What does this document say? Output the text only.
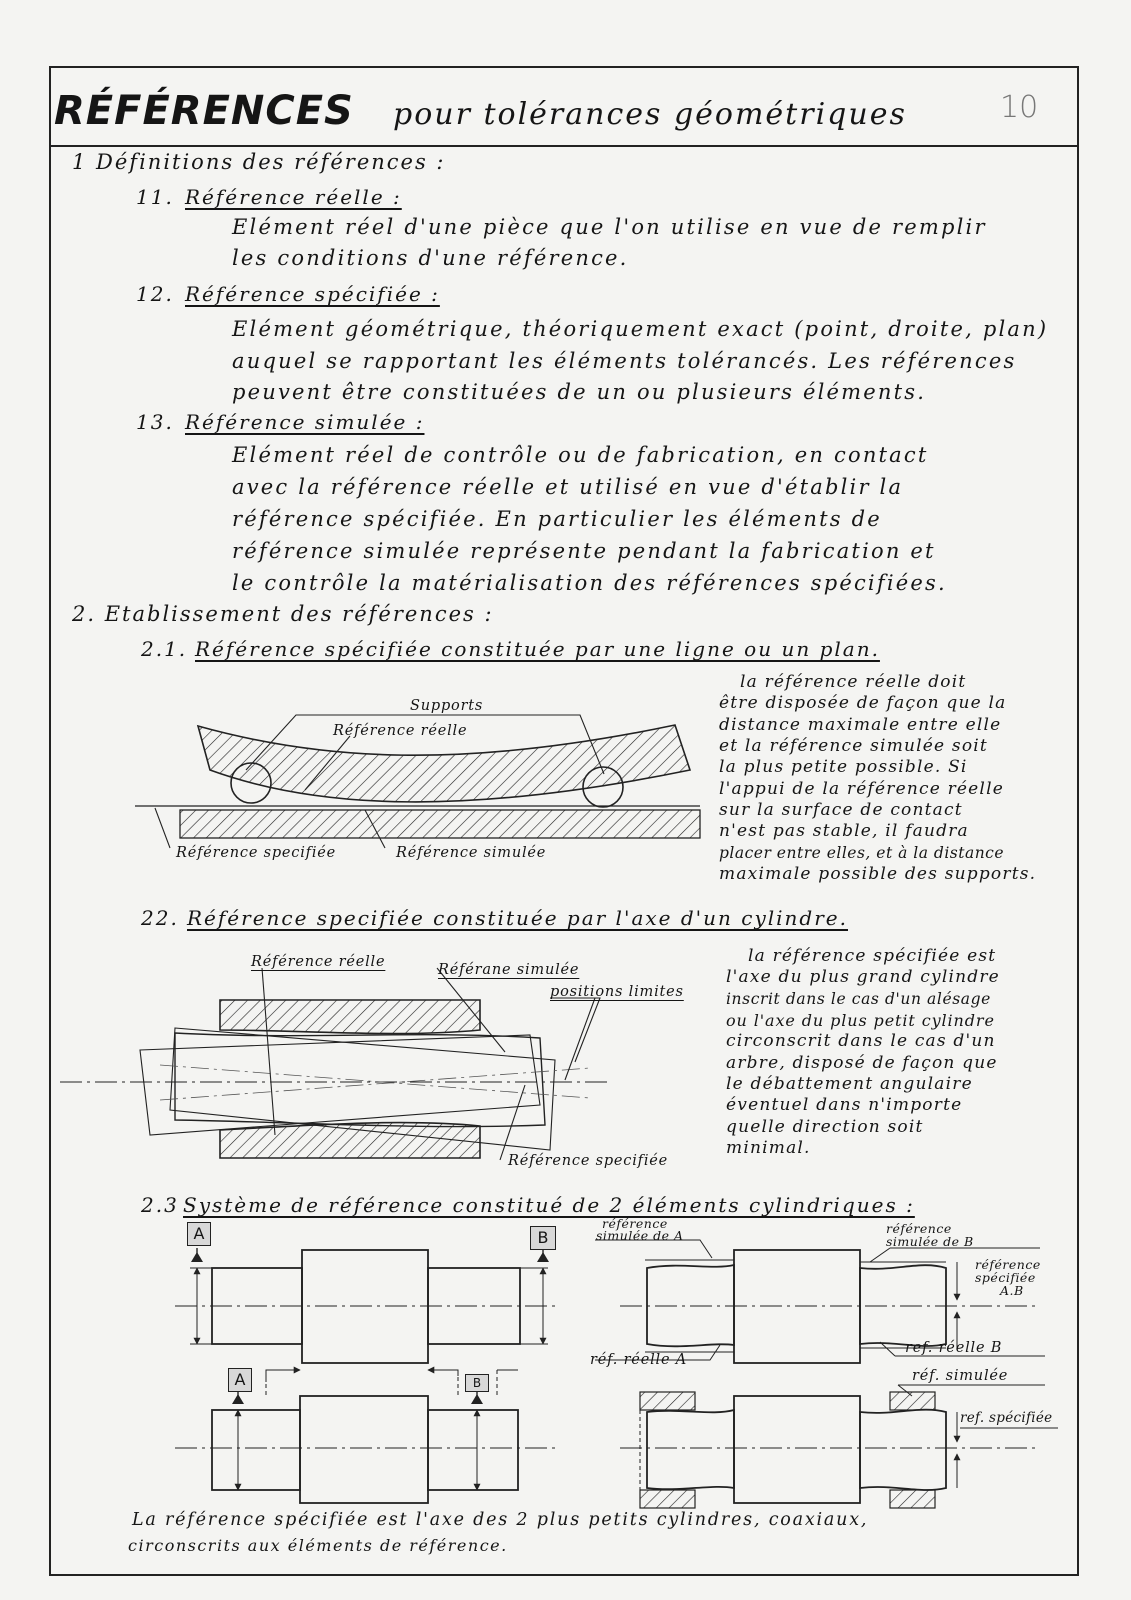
RÉFÉRENCES pour tolérances géométriques	10
1 Définitions des références :
11. Référence réelle :
Elément réel d'une pièce que l'on utilise en vue de remplir
les conditions d'une référence.
12. Référence spécifiée :
Elément géométrique, théoriquement exact (point, droite, plan)
auquel se rapportant les éléments tolérancés. Les références
peuvent être constituées de un ou plusieurs éléments.
13. Référence simulée :
Elément réel de contrôle ou de fabrication, en contact
avec la référence réelle et utilisé en vue d'établir la
référence spécifiée. En particulier les éléments de
référence simulée représente pendant la fabrication et
le contrôle la matérialisation des références spécifiées.
2. Etablissement des références :
2.1. Référence spécifiée constituée par une ligne ou un plan.
Supports
Référence réelle
Référence specifiée	Référence simulée
la référence réelle doit
être disposée de façon que la
distance maximale entre elle
et la référence simulée soit
la plus petite possible. Si
l'appui de la référence réelle
sur la surface de contact
n'est pas stable, il faudra
placer entre elles, et à la distance
maximale possible des supports.
22. Référence specifiée constituée par l'axe d'un cylindre.
Référence réelle	Référane simulée
positions limites
Référence specifiée
la référence spécifiée est
l'axe du plus grand cylindre
inscrit dans le cas d'un alésage
ou l'axe du plus petit cylindre
circonscrit dans le cas d'un
arbre, disposé de façon que
le débattement angulaire
éventuel dans n'importe
quelle direction soit
minimal.
2.3 Système de référence constitué de 2 éléments cylindriques :
A	B
A	B
référence
simulée de A	référence
simulée de B
référence
spécifiée
A.B
réf. réelle A
ref. réelle B
réf. simulée
ref. spécifiée
La référence spécifiée est l'axe des 2 plus petits cylindres, coaxiaux,
circonscrits aux éléments de référence.
